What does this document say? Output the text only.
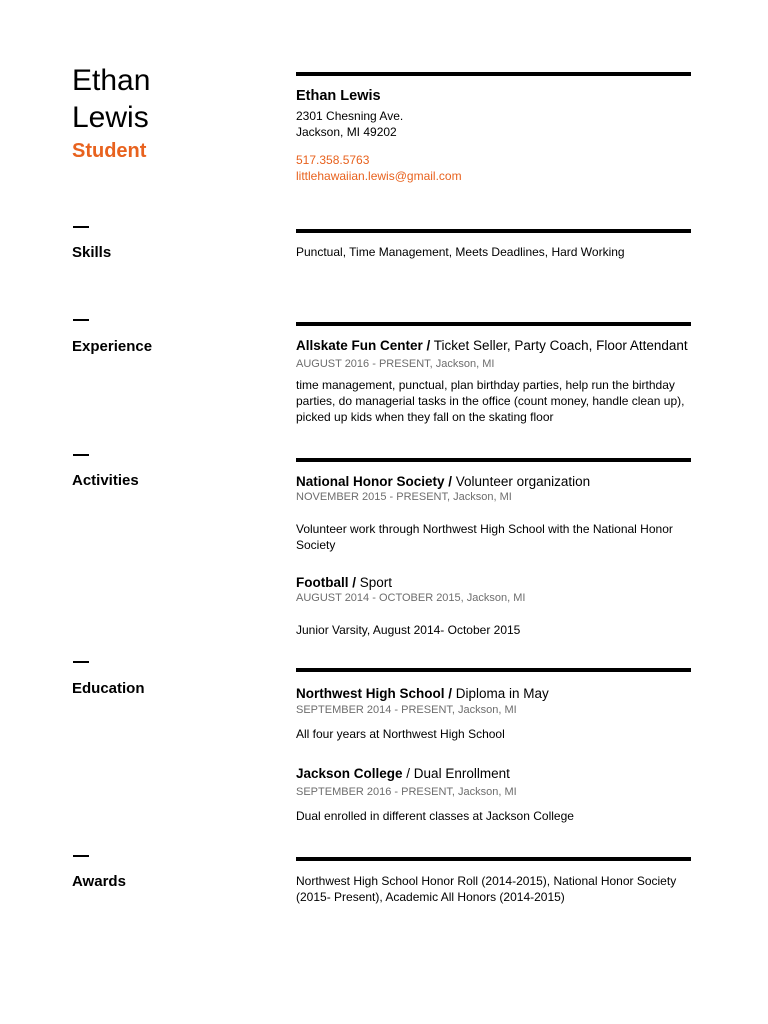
Ethan
Lewis
Student
Ethan Lewis
2301 Chesning Ave.
Jackson, MI 49202
517.358.5763
littlehawaiian.lewis@gmail.com
Skills	Punctual, Time Management, Meets Deadlines, Hard Working
Experience	Allskate Fun Center / Ticket Seller, Party Coach, Floor Attendant
AUGUST 2016 - PRESENT, Jackson, MI
time management, punctual, plan birthday parties, help run the birthday parties, do managerial tasks in the office (count money, handle clean up), picked up kids when they fall on the skating floor
Activities	National Honor Society / Volunteer organization
NOVEMBER 2015 - PRESENT, Jackson, MI
Volunteer work through Northwest High School with the National Honor Society
Football / Sport
AUGUST 2014 - OCTOBER 2015, Jackson, MI
Junior Varsity, August 2014- October 2015
Education	Northwest High School / Diploma in May
SEPTEMBER 2014 - PRESENT, Jackson, MI
All four years at Northwest High School
Jackson College / Dual Enrollment
SEPTEMBER 2016 - PRESENT, Jackson, MI
Dual enrolled in different classes at Jackson College
Awards	Northwest High School Honor Roll (2014-2015), National Honor Society (2015- Present), Academic All Honors (2014-2015)
